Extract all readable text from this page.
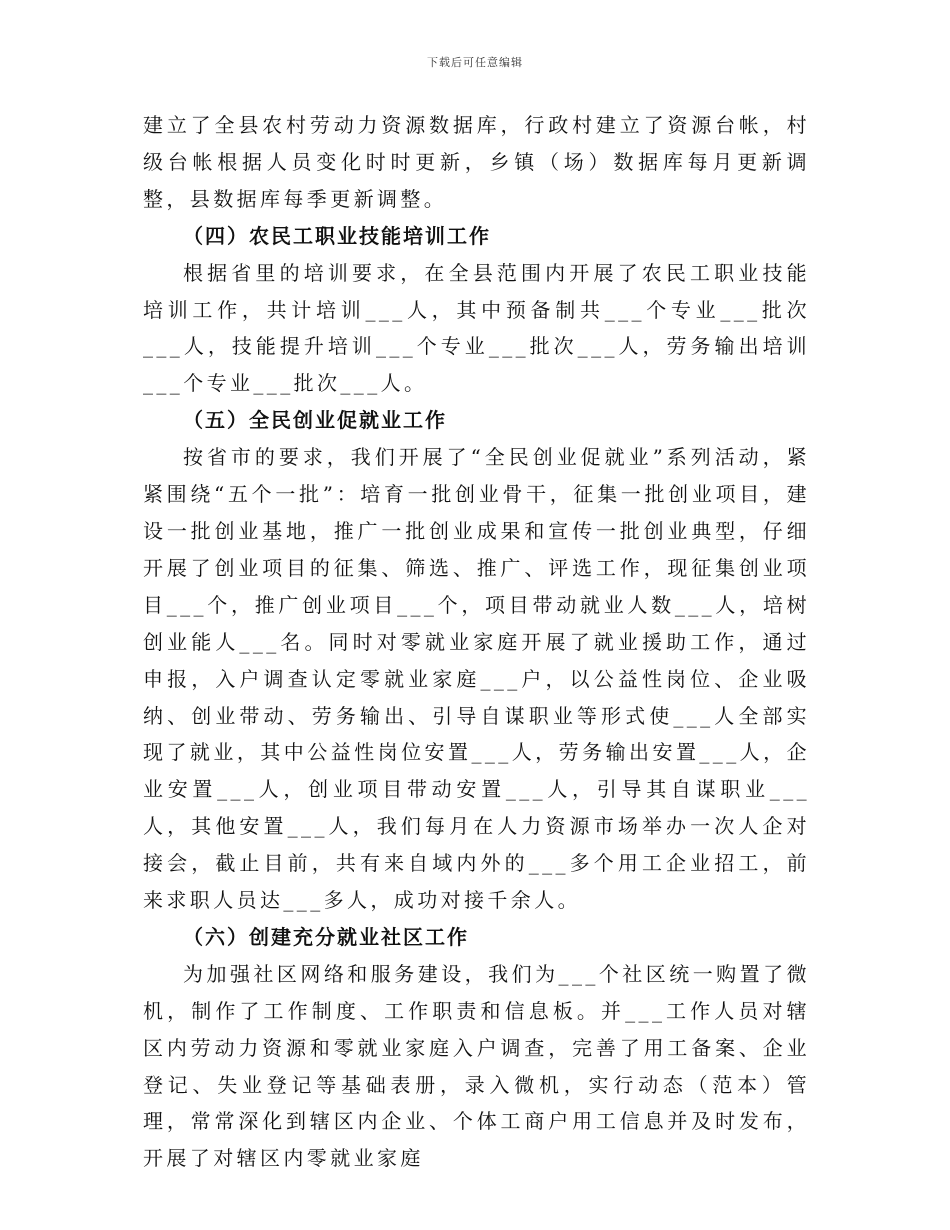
下载后可任意编辑

建立了全县农村劳动力资源数据库，行政村建立了资源台帐，村级台帐根据人员变化时时更新，乡镇（场）数据库每月更新调整，县数据库每季更新调整。

（四）农民工职业技能培训工作

根据省里的培训要求，在全县范围内开展了农民工职业技能培训工作，共计培训___人，其中预备制共___个专业___批次___人，技能提升培训___个专业___批次___人，劳务输出培训___个专业___批次___人。

（五）全民创业促就业工作

按省市的要求，我们开展了“全民创业促就业”系列活动，紧紧围绕“五个一批”：培育一批创业骨干，征集一批创业项目，建设一批创业基地，推广一批创业成果和宣传一批创业典型，仔细开展了创业项目的征集、筛选、推广、评选工作，现征集创业项目___个，推广创业项目___个，项目带动就业人数___人，培树创业能人___名。同时对零就业家庭开展了就业援助工作，通过申报，入户调查认定零就业家庭___户，以公益性岗位、企业吸纳、创业带动、劳务输出、引导自谋职业等形式使___人全部实现了就业，其中公益性岗位安置___人，劳务输出安置___人，企业安置___人，创业项目带动安置___人，引导其自谋职业___人，其他安置___人，我们每月在人力资源市场举办一次人企对接会，截止目前，共有来自域内外的___多个用工企业招工，前来求职人员达___多人，成功对接千余人。

（六）创建充分就业社区工作

为加强社区网络和服务建设，我们为___个社区统一购置了微机，制作了工作制度、工作职责和信息板。并___工作人员对辖区内劳动力资源和零就业家庭入户调查，完善了用工备案、企业登记、失业登记等基础表册，录入微机，实行动态（范本）管理，常常深化到辖区内企业、个体工商户用工信息并及时发布，开展了对辖区内零就业家庭
